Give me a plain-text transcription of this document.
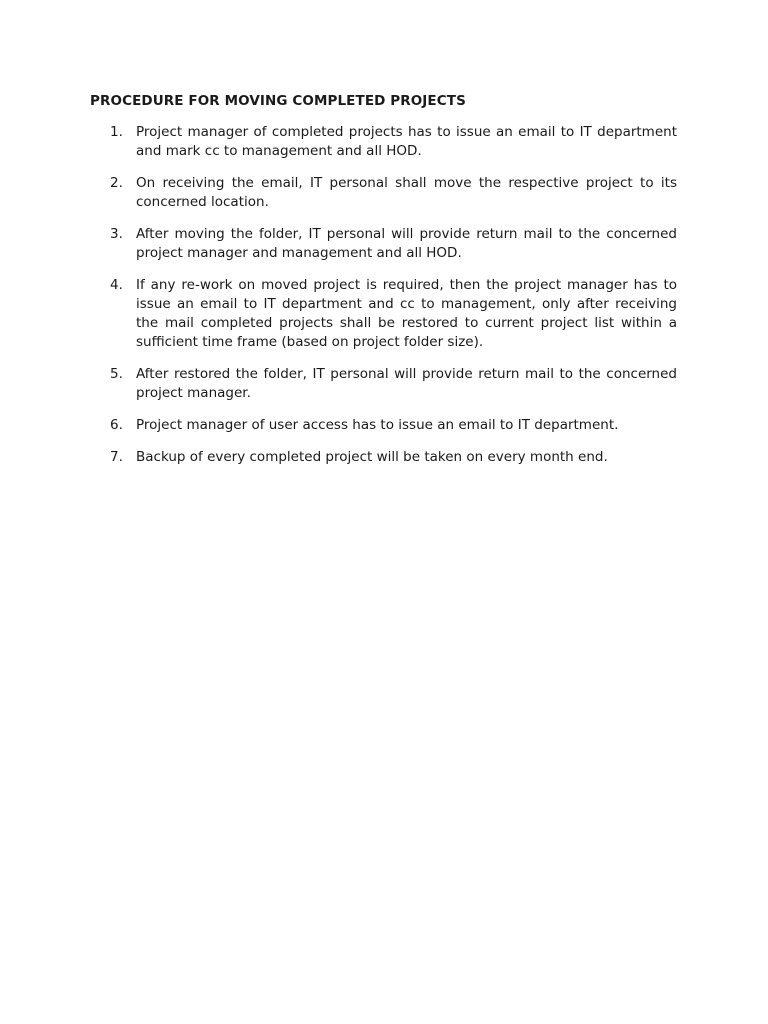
PROCEDURE FOR MOVING COMPLETED PROJECTS
1. Project manager of completed projects has to issue an email to IT department and mark cc to management and all HOD.
2. On receiving the email, IT personal shall move the respective project to its concerned location.
3. After moving the folder, IT personal will provide return mail to the concerned project manager and management and all HOD.
4. If any re-work on moved project is required, then the project manager has to issue an email to IT department and cc to management, only after receiving the mail completed projects shall be restored to current project list within a sufficient time frame (based on project folder size).
5. After restored the folder, IT personal will provide return mail to the concerned project manager.
6. Project manager of user access has to issue an email to IT department.
7. Backup of every completed project will be taken on every month end.
